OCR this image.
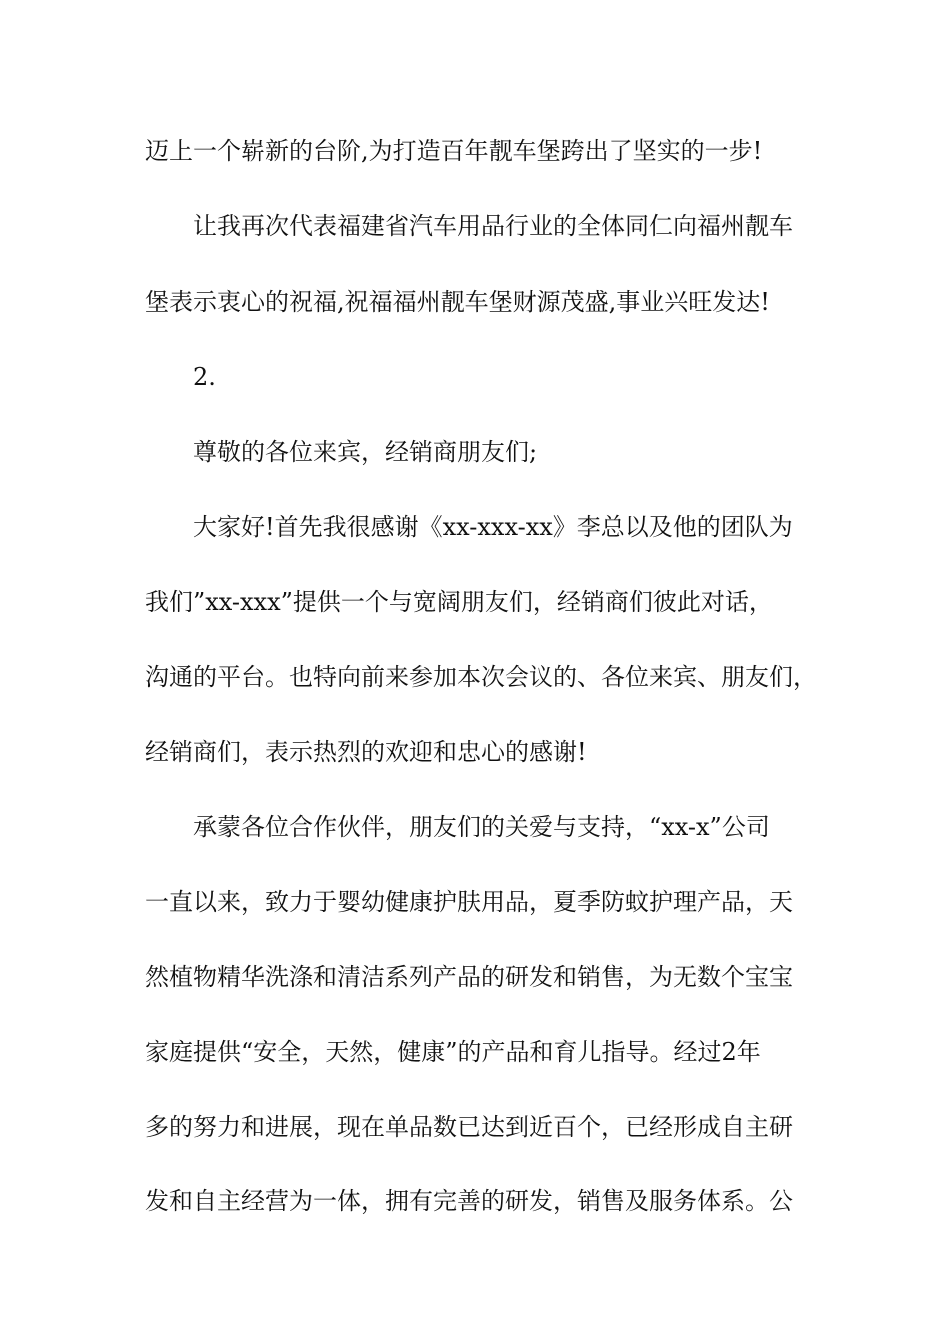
迈上一个崭新的台阶,为打造百年靓车堡跨出了坚实的一步!
让我再次代表福建省汽车用品行业的全体同仁向福州靓车
堡表示衷心的祝福,祝福福州靓车堡财源茂盛,事业兴旺发达!
2.
尊敬的各位来宾，经销商朋友们;
大家好!首先我很感谢《xx-xxx-xx》李总以及他的团队为
我们”xx-xxx”提供一个与宽阔朋友们，经销商们彼此对话，
沟通的平台。也特向前来参加本次会议的、各位来宾、朋友们，
经销商们，表示热烈的欢迎和忠心的感谢!
承蒙各位合作伙伴，朋友们的关爱与支持，“xx-x”公司
一直以来，致力于婴幼健康护肤用品，夏季防蚊护理产品，天
然植物精华洗涤和清洁系列产品的研发和销售，为无数个宝宝
家庭提供“安全，天然，健康”的产品和育儿指导。经过2年
多的努力和进展，现在单品数已达到近百个，已经形成自主研
发和自主经营为一体，拥有完善的研发，销售及服务体系。公
